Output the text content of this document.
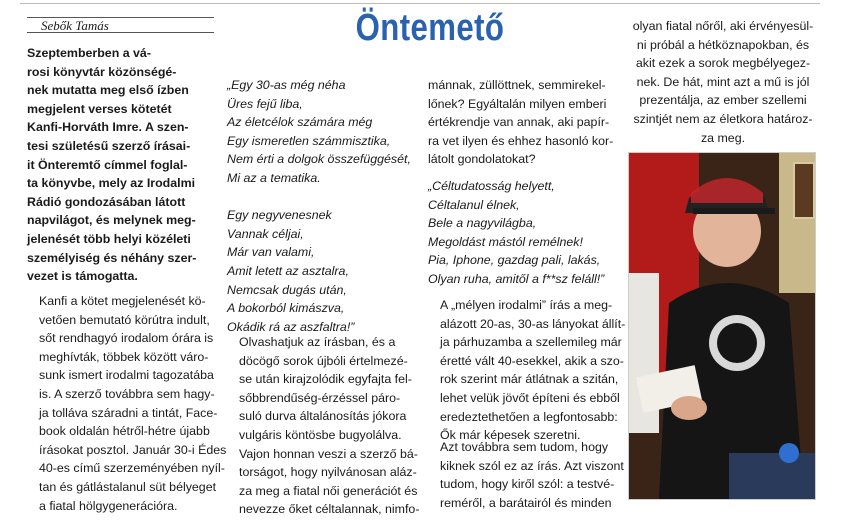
Sebők Tamás	Öntemető
Szeptemberben a vá-
rosi könyvtár közönségé-
nek mutatta meg első ízben
megjelent verses kötetét
Kanfi-Horváth Imre. A szen-
tesi születésű szerző írásai-
it Önteremtő címmel foglal-
ta könyvbe, mely az Irodalmi
Rádió gondozásában látott
napvilágot, és melynek meg-
jelenését több helyi közéleti
személyiség és néhány szer-
vezet is támogatta.
Kanfi a kötet megjelenését kö-
vetően bemutató körútra indult,
sőt rendhagyó irodalom órára is
meghívták, többek között váro-
sunk ismert irodalmi tagozatába
is. A szerző továbbra sem hagy-
ja tolláva száradni a tintát, Face-
book oldalán hétről-hétre újabb
írásokat posztol. Január 30-i Édes
40-es című szerzeményében nyíl-
tan és gátlástalanul süt bélyeget
a fiatal hölgygenerációra.
„Egy 30-as még néha
Üres fejű liba,
Az életcélok számára még
Egy ismeretlen számmisztika,
Nem érti a dolgok összefüggését,
Mi az a tematika.

Egy negyvenesnek
Vannak céljai,
Már van valami,
Amit letett az asztalra,
Nemcsak dugás után,
A bokorból kimászva,
Okádik rá az aszfaltra!”
Olvashatjuk az írásban, és a
döcögő sorok újbóli értelmezé-
se után kirajzolódik egyfajta fel-
sőbbrendűség-érzéssel páro-
suló durva általánosítás jókora
vulgáris köntösbe bugyolálva.
Vajon honnan veszi a szerző bá-
torságot, hogy nyilvánosan aláz-
za meg a fiatal női generációt és
nevezze őket céltalannak, nimfo-
mánnak, züllöttnek, semmirekel-
lőnek? Egyáltalán milyen emberi
értékrendje van annak, aki papír-
ra vet ilyen és ehhez hasonló kor-
látolt gondolatokat?
„Céltudatosság helyett,
Céltalanul élnek,
Bele a nagyvilágba,
Megoldást mástól remélnek!
Pia, Iphone, gazdag pali, lakás,
Olyan ruha, amitől a f**sz feláll!”
A „mélyen irodalmi” írás a meg-
alázott 20-as, 30-as lányokat állít-
ja párhuzamba a szellemileg már
éretté vált 40-esekkel, akik a szo-
rok szerint már átlátnak a szitán,
lehet velük jövőt építeni és ebből
eredeztethetően a legfontosabb:
Ők már képesek szeretni.
Azt továbbra sem tudom, hogy
kiknek szól ez az írás. Azt viszont
tudom, hogy kiről szól: a testvé-
reméről, a barátairól és minden
olyan fiatal nőről, aki érvényesül-
ni próbál a hétköznapokban, és
akit ezek a sorok megbélyegez-
nek. De hát, mint azt a mű is jól
prezentálja, az ember szellemi
szintjét nem az életkora határoz-
za meg.
